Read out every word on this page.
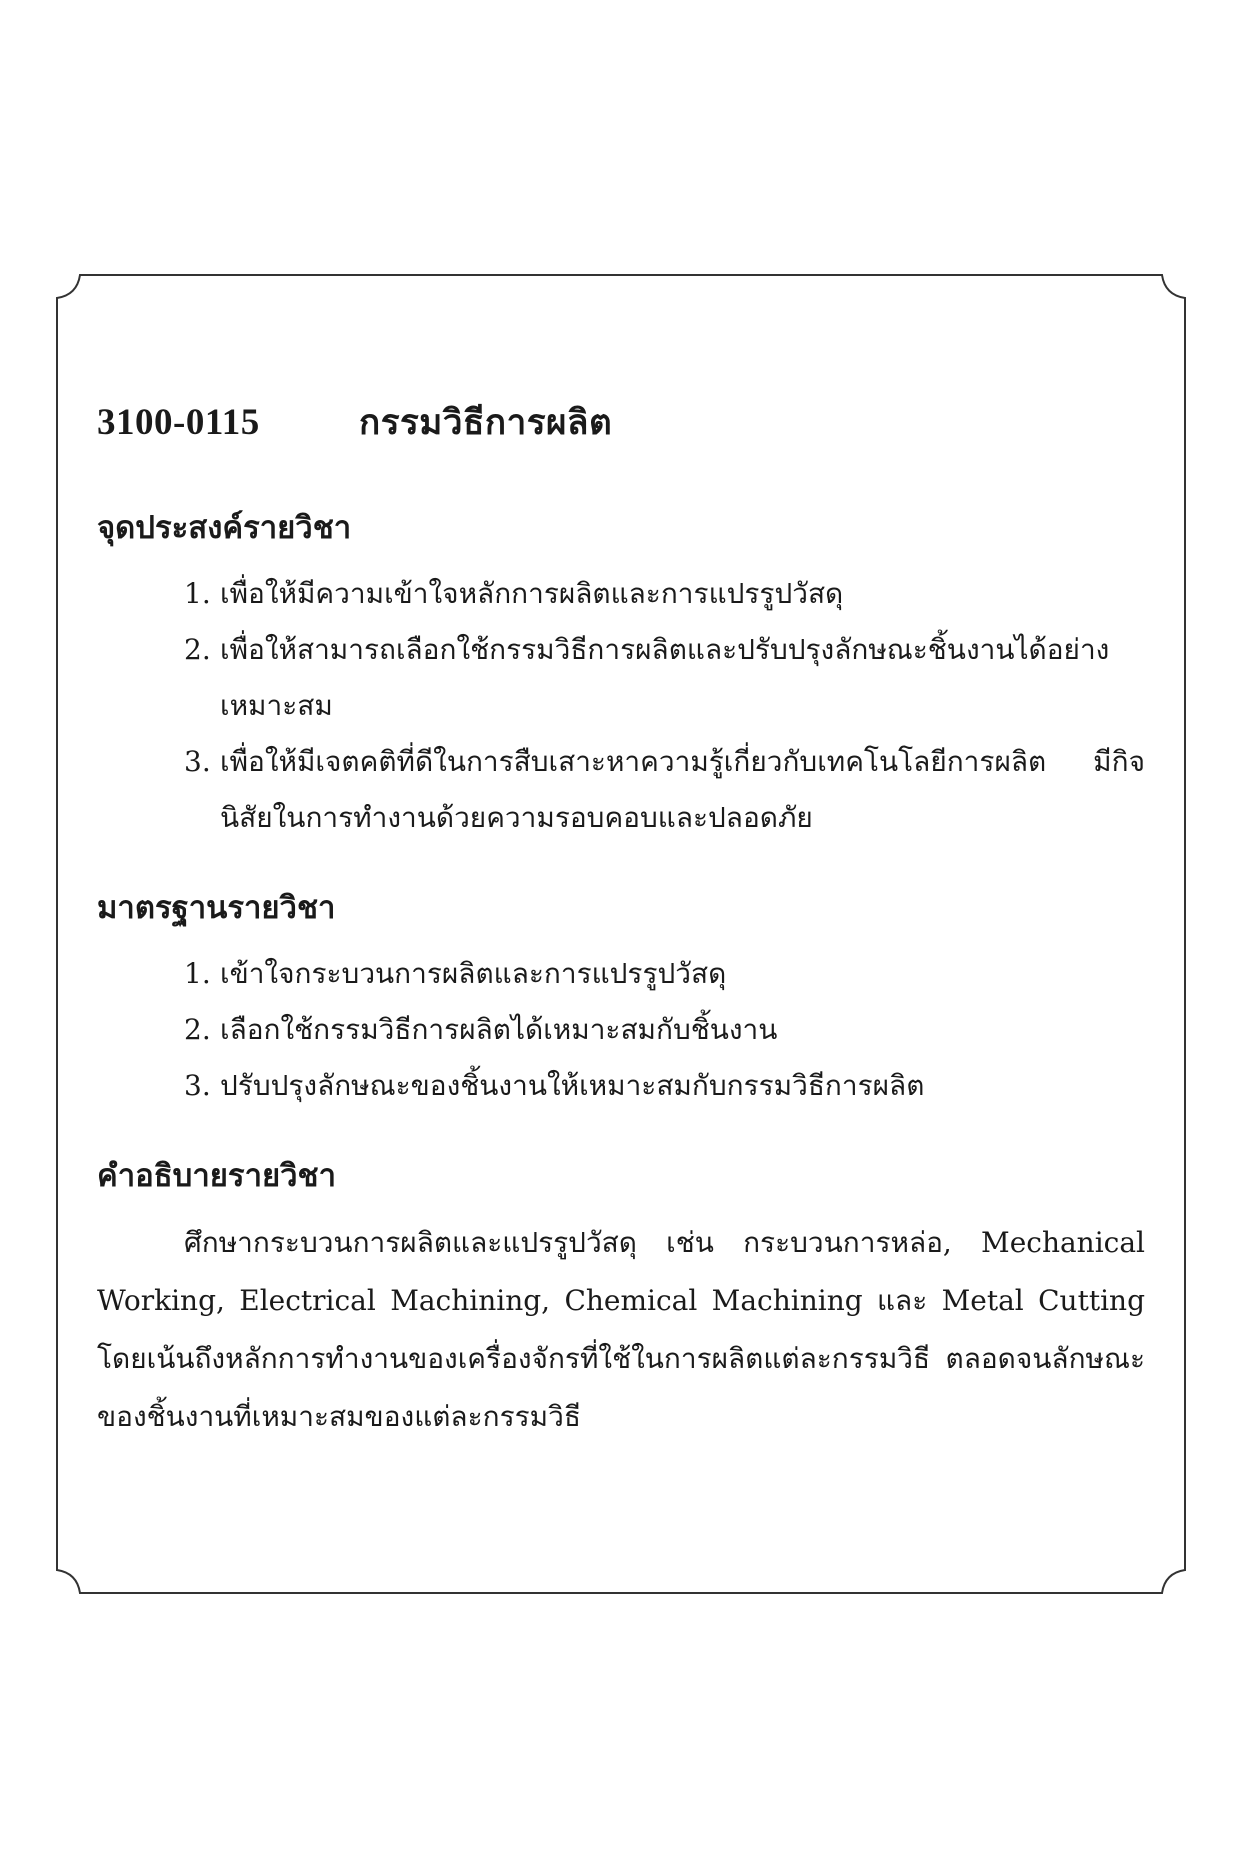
3100-0115	กรรมวิธีการผลิต
จุดประสงค์รายวิชา
1. เพื่อให้มีความเข้าใจหลักการผลิตและการแปรรูปวัสดุ
2. เพื่อให้สามารถเลือกใช้กรรมวิธีการผลิตและปรับปรุงลักษณะชิ้นงานได้อย่างเหมาะสม
3. เพื่อให้มีเจตคติที่ดีในการสืบเสาะหาความรู้เกี่ยวกับเทคโนโลยีการผลิต มีกิจนิสัยในการทำงานด้วยความรอบคอบและปลอดภัย
มาตรฐานรายวิชา
1. เข้าใจกระบวนการผลิตและการแปรรูปวัสดุ
2. เลือกใช้กรรมวิธีการผลิตได้เหมาะสมกับชิ้นงาน
3. ปรับปรุงลักษณะของชิ้นงานให้เหมาะสมกับกรรมวิธีการผลิต
คำอธิบายรายวิชา

ศึกษากระบวนการผลิตและแปรรูปวัสดุ เช่น กระบวนการหล่อ, Mechanical Working, Electrical Machining, Chemical Machining และ Metal Cutting โดยเน้นถึงหลักการทำงานของเครื่องจักรที่ใช้ในการผลิตแต่ละกรรมวิธี ตลอดจนลักษณะของชิ้นงานที่เหมาะสมของแต่ละกรรมวิธี
